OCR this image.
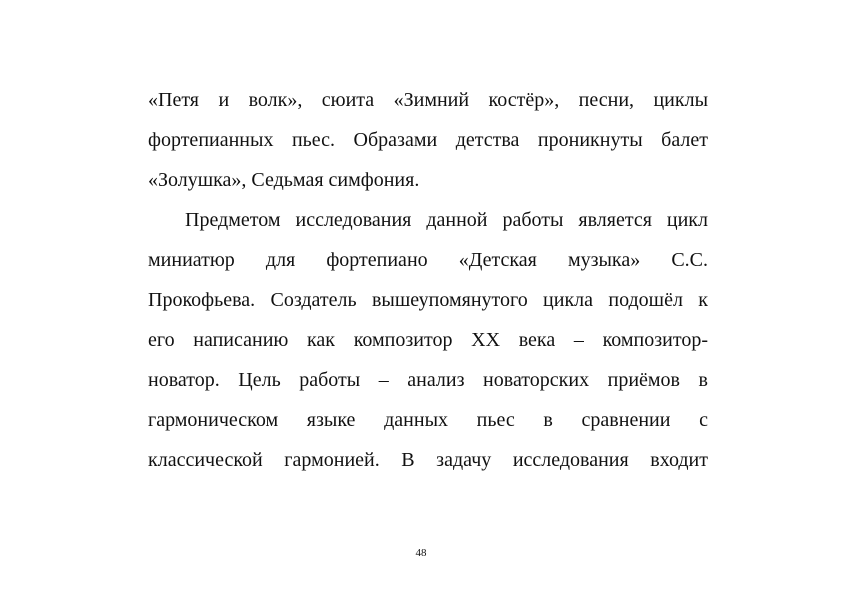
«Петя и волк», сюита «Зимний костёр», песни, циклы
фортепианных пьес. Образами детства проникнуты балет
«Золушка», Седьмая симфония.
Предметом исследования данной работы является цикл
миниатюр для фортепиано «Детская музыка» С.С.
Прокофьева. Создатель вышеупомянутого цикла подошёл к
его написанию как композитор XX века – композитор-
новатор. Цель работы – анализ новаторских приёмов в
гармоническом языке данных пьес в сравнении с
классической гармонией. В задачу исследования входит
48
